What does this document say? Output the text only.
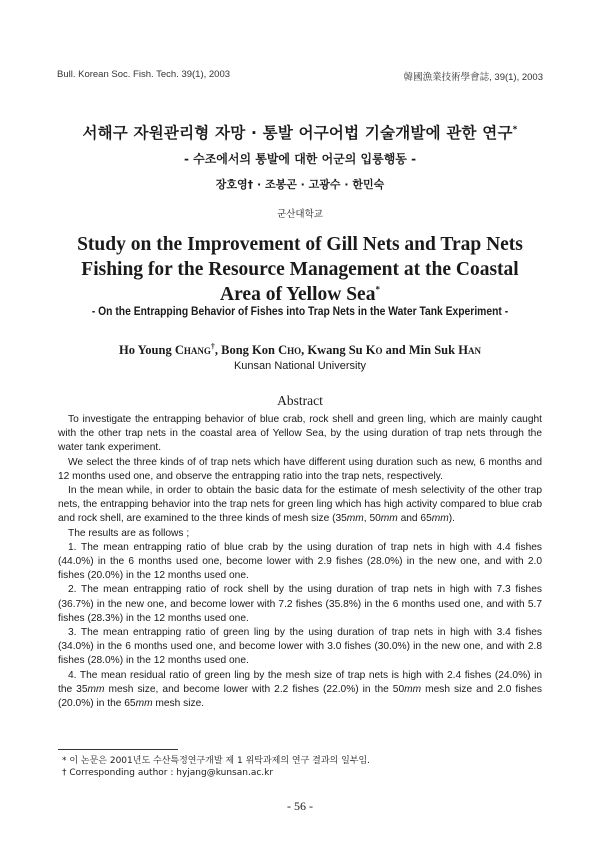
Bull. Korean Soc. Fish. Tech. 39(1), 2003	韓國漁業技術學會誌, 39(1), 2003
서해구 자원관리형 자망 · 통발 어구어법 기술개발에 관한 연구*
- 수조에서의 통발에 대한 어군의 입롱행동 -
장호영† · 조봉곤 · 고광수 · 한민숙
군산대학교
Study on the Improvement of Gill Nets and Trap Nets
Fishing for the Resource Management at the Coastal
Area of Yellow Sea*
- On the Entrapping Behavior of Fishes into Trap Nets in the Water Tank Experiment -
Ho Young Chang†, Bong Kon Cho, Kwang Su Ko and Min Suk Han
Kunsan National University
Abstract

To investigate the entrapping behavior of blue crab, rock shell and green ling, which are mainly caught with the other trap nets in the coastal area of Yellow Sea, by the using duration of trap nets through the water tank experiment.

We select the three kinds of of trap nets which have different using duration such as new, 6 months and 12 months used one, and observe the entrapping ratio into the trap nets, respectively.

In the mean while, in order to obtain the basic data for the estimate of mesh selectivity of the other trap nets, the entrapping behavior into the trap nets for green ling which has high activity compared to blue crab and rock shell, are examined to the three kinds of mesh size (35mm, 50mm and 65mm).

The results are as follows ;

1. The mean entrapping ratio of blue crab by the using duration of trap nets in high with 4.4 fishes (44.0%) in the 6 months used one, become lower with 2.9 fishes (28.0%) in the new one, and with 2.0 fishes (20.0%) in the 12 months used one.

2. The mean entrapping ratio of rock shell by the using duration of trap nets in high with 7.3 fishes (36.7%) in the new one, and become lower with 7.2 fishes (35.8%) in the 6 months used one, and with 5.7 fishes (28.3%) in the 12 months used one.

3. The mean entrapping ratio of green ling by the using duration of trap nets in high with 3.4 fishes (34.0%) in the 6 months used one, and become lower with 3.0 fishes (30.0%) in the new one, and with 2.8 fishes (28.0%) in the 12 months used one.

4. The mean residual ratio of green ling by the mesh size of trap nets is high with 2.4 fishes (24.0%) in the 35mm mesh size, and become lower with 2.2 fishes (22.0%) in the 50mm mesh size and 2.0 fishes (20.0%) in the 65mm mesh size.

* 이 논문은 2001년도 수산특정연구개발 제 1 위탁과제의 연구 결과의 일부임.
† Corresponding author : hyjang@kunsan.ac.kr
- 56 -
